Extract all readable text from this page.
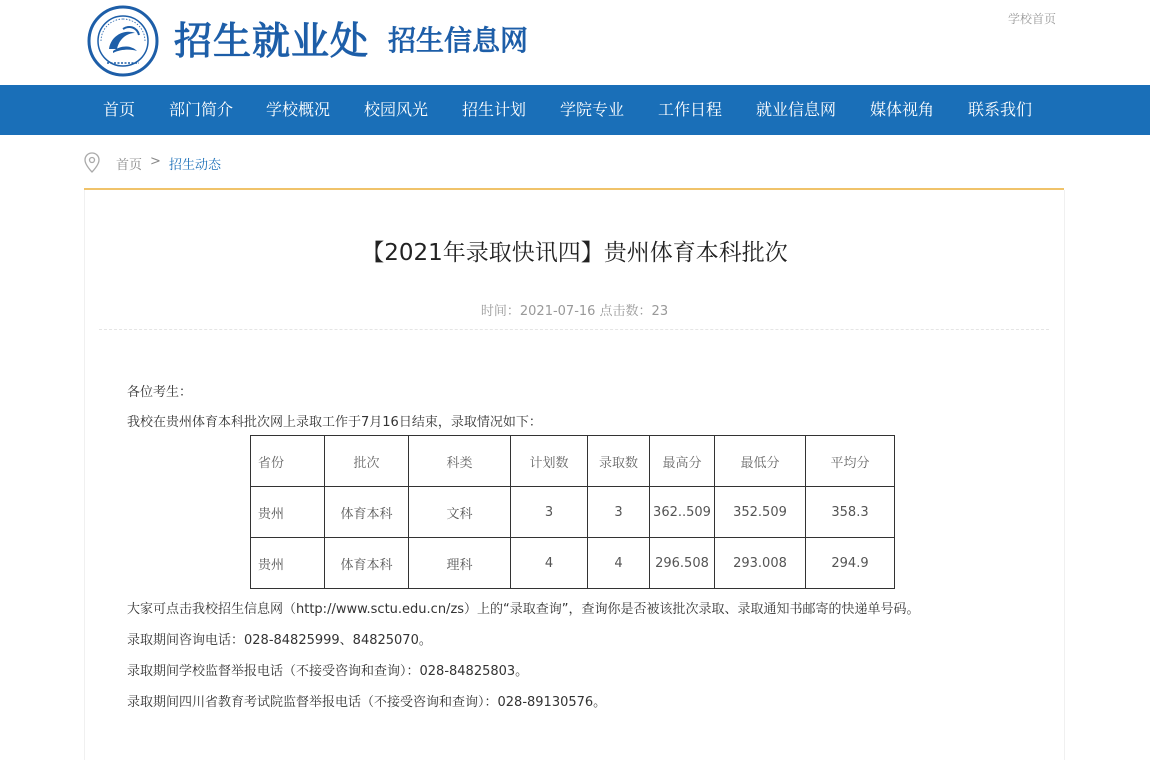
招生就业处 招生信息网
学校首页
首页 部门简介 学校概况 校园风光 招生计划 学院专业 工作日程 就业信息网 媒体视角 联系我们
首页 > 招生动态
【2021年录取快讯四】贵州体育本科批次
时间：2021-07-16 点击数：23
各位考生：
我校在贵州体育本科批次网上录取工作于7月16日结束，录取情况如下：
省份	批次	科类	计划数	录取数	最高分	最低分	平均分
贵州	体育本科	文科	3	3	362..509	352.509	358.3
贵州	体育本科	理科	4	4	296.508	293.008	294.9
大家可点击我校招生信息网（http://www.sctu.edu.cn/zs）上的“录取查询”，查询你是否被该批次录取、录取通知书邮寄的快递单号码。
录取期间咨询电话：028-84825999、84825070。
录取期间学校监督举报电话（不接受咨询和查询）：028-84825803。
录取期间四川省教育考试院监督举报电话（不接受咨询和查询）：028-89130576。
